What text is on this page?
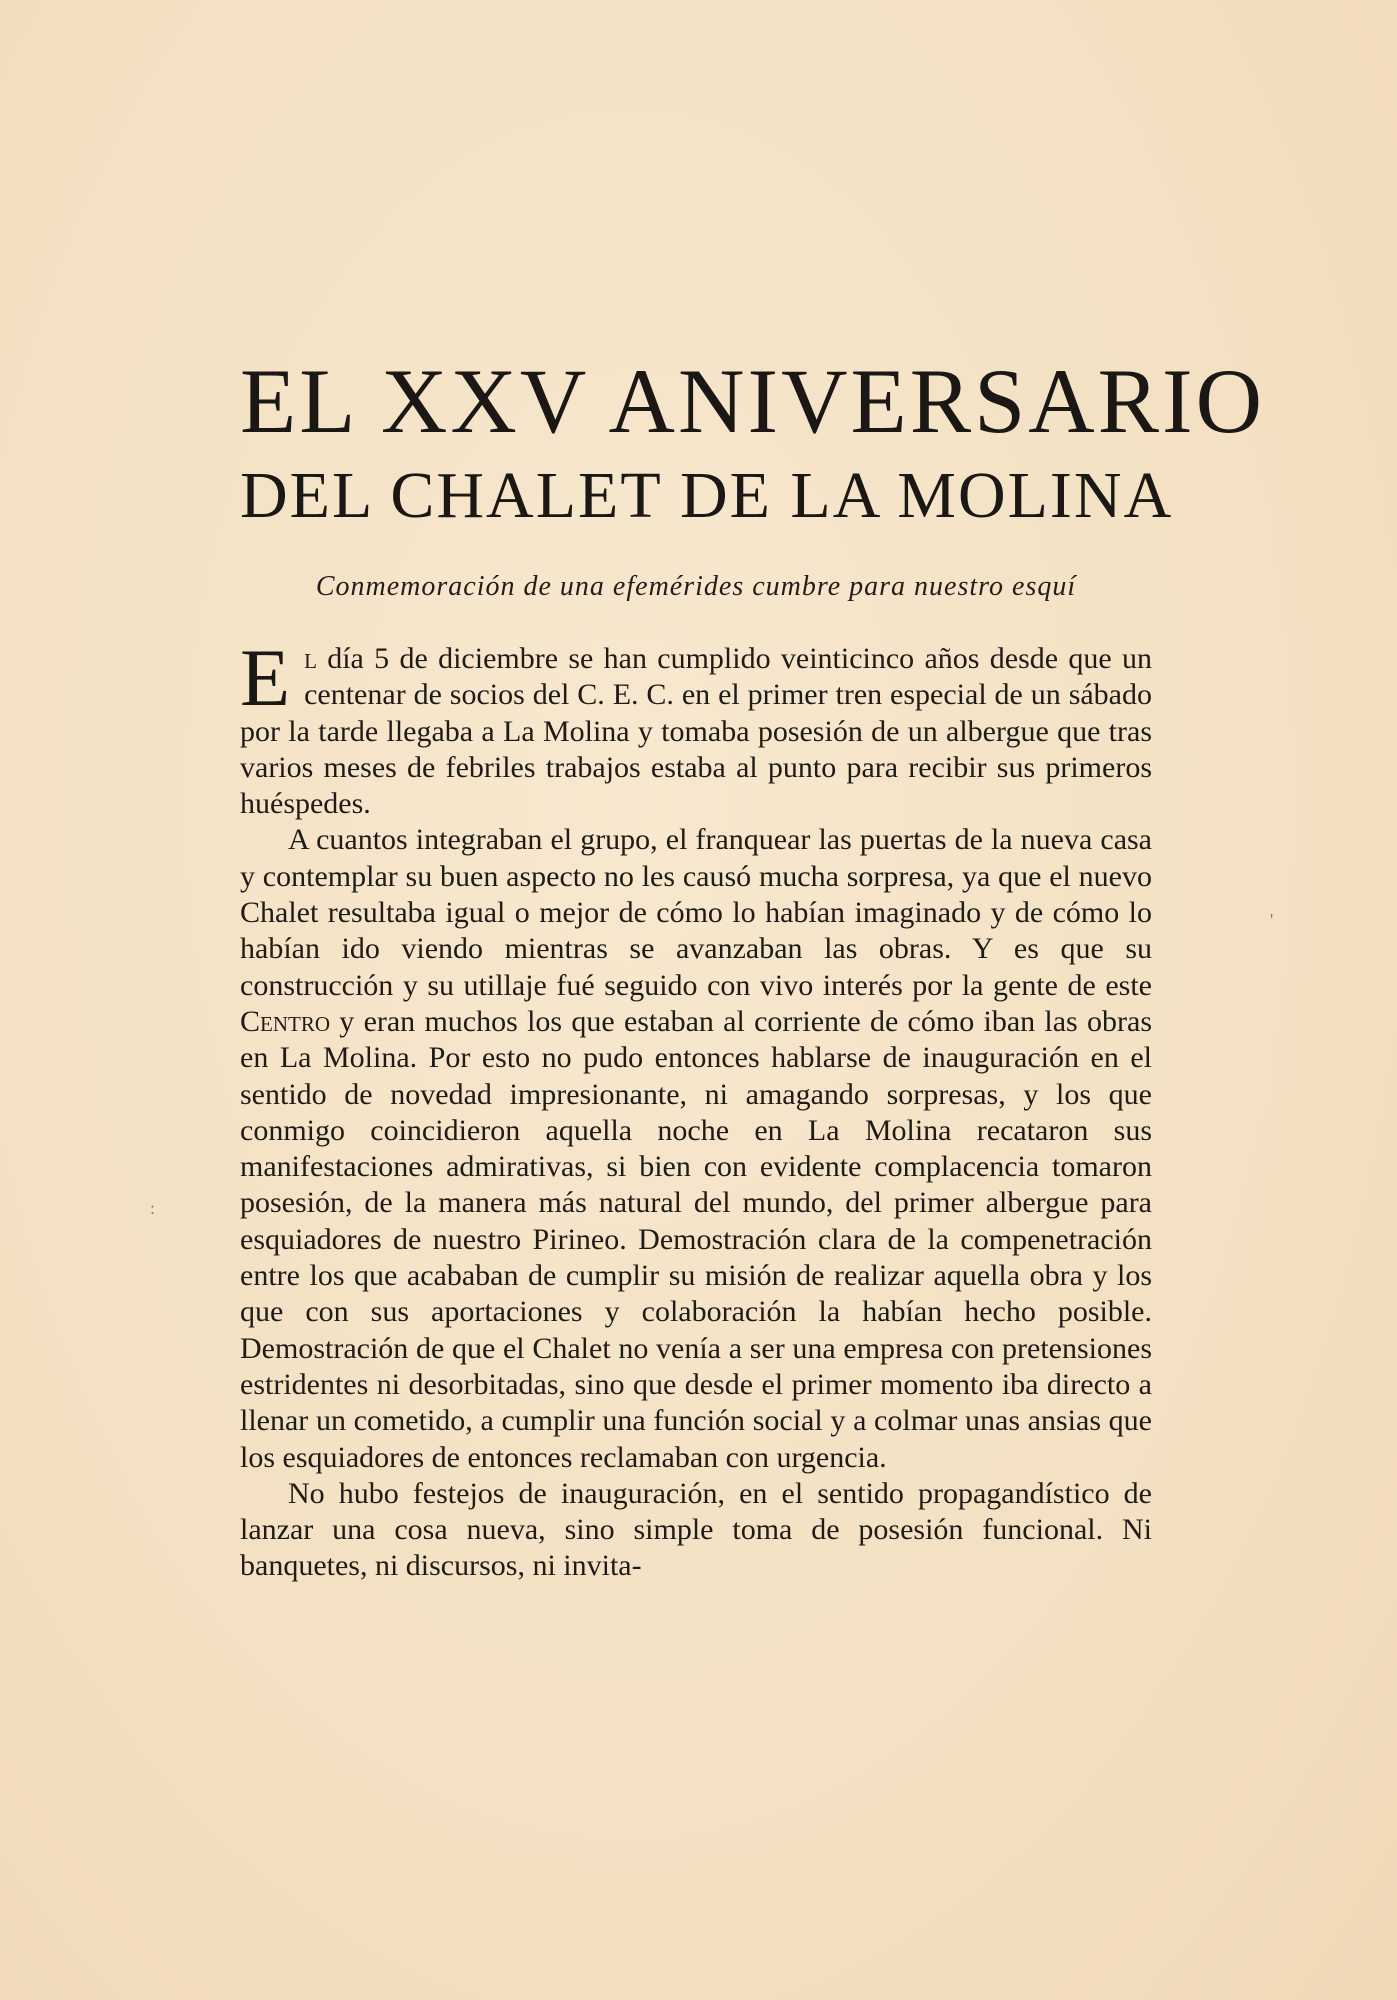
EL XXV ANIVERSARIO
DEL CHALET DE LA MOLINA
Conmemoración de una efemérides cumbre para nuestro esquí

El día 5 de diciembre se han cumplido veinticinco años desde que un centenar de socios del C. E. C. en el primer tren especial de un sábado por la tarde llegaba a La Molina y tomaba posesión de un albergue que tras varios meses de febriles trabajos estaba al punto para recibir sus primeros huéspedes.

A cuantos integraban el grupo, el franquear las puertas de la nueva casa y contemplar su buen aspecto no les causó mucha sorpresa, ya que el nuevo Chalet resultaba igual o mejor de cómo lo habían imaginado y de cómo lo habían ido viendo mientras se avanzaban las obras. Y es que su construcción y su utillaje fué seguido con vivo interés por la gente de este Centro y eran muchos los que estaban al corriente de cómo iban las obras en La Molina. Por esto no pudo entonces hablarse de inauguración en el sentido de novedad impresionante, ni amagando sorpresas, y los que conmigo coincidieron aquella noche en La Molina recataron sus manifestaciones admirativas, si bien con evidente complacencia tomaron posesión, de la manera más natural del mundo, del primer albergue para esquiadores de nuestro Pirineo. Demostración clara de la compenetración entre los que acababan de cumplir su misión de realizar aquella obra y los que con sus aportaciones y colaboración la habían hecho posible. Demostración de que el Chalet no venía a ser una empresa con pretensiones estridentes ni desorbitadas, sino que desde el primer momento iba directo a llenar un cometido, a cumplir una función social y a colmar unas ansias que los esquiadores de entonces reclamaban con urgencia.

No hubo festejos de inauguración, en el sentido propagandístico de lanzar una cosa nueva, sino simple toma de posesión funcional. Ni banquetes, ni discursos, ni invita-

'
:
